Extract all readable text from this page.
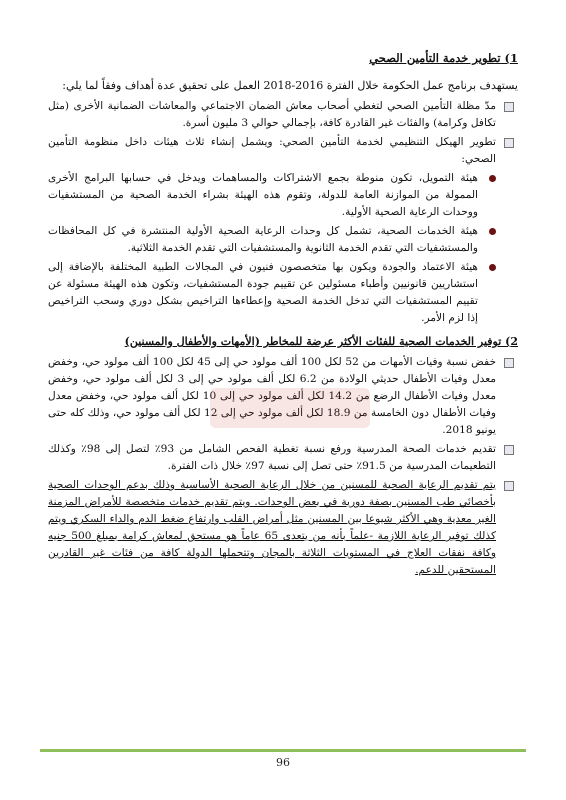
1) تطوير خدمة التأمين الصحي
يستهدف برنامج عمل الحكومة خلال الفترة 2016-2018 العمل على تحقيق عدة أهداف وفقاً لما يلي:
مدّ مظلة التأمين الصحي لتغطي أصحاب معاش الضمان الاجتماعي والمعاشات الضمانية الأخرى (مثل تكافل وكرامة) والفئات غير القادرة كافة، بإجمالي حوالي 3 مليون أسرة.
تطوير الهيكل التنظيمي لخدمة التأمين الصحي: ويشمل إنشاء ثلاث هيئات داخل منظومة التأمين الصحي:
هيئة التمويل، تكون منوطة بجمع الاشتراكات والمساهمات ويدخل في حسابها البرامج الأخرى الممولة من الموازنة العامة للدولة، وتقوم هذه الهيئة بشراء الخدمة الصحية من المستشفيات ووحدات الرعاية الصحية الأولية.
هيئة الخدمات الصحية، تشمل كل وحدات الرعاية الصحية الأولية المنتشرة في كل المحافظات والمستشفيات التي تقدم الخدمة الثانوية والمستشفيات التي تقدم الخدمة الثلاثية.
هيئة الاعتماد والجودة ويكون بها متخصصون فنيون في المجالات الطبية المختلفة بالإضافة إلى استشاريين قانونيين وأطباء مسئولين عن تقييم جودة المستشفيات، وتكون هذه الهيئة مسئولة عن تقييم المستشفيات التي تدخل الخدمة الصحية وإعطاءها التراخيص بشكل دوري وسحب التراخيص إذا لزم الأمر.
2) توفير الخدمات الصحية للفئات الأكثر عرضة للمخاطر (الأمهات والأطفال والمسنين)
خفض نسبة وفيات الأمهات من 52 لكل 100 ألف مولود حي إلى 45 لكل 100 ألف مولود حي، وخفض معدل وفيات الأطفال حديثي الولادة من 6.2 لكل ألف مولود حي إلى 3 لكل ألف مولود حي، وخفض معدل وفيات الأطفال الرضع من 14.2 لكل ألف مولود حي إلى 10 لكل ألف مولود حي، وخفض معدل وفيات الأطفال دون الخامسة من 18.9 لكل ألف مولود حي إلى 12 لكل ألف مولود حي، وذلك كله حتى يونيو 2018.
تقديم خدمات الصحة المدرسية ورفع نسبة تغطية الفحص الشامل من 93٪ لتصل إلى 98٪ وكذلك التطعيمات المدرسية من 91.5٪ حتى تصل إلى نسبة 97٪ خلال ذات الفترة.
يتم تقديم الرعاية الصحية للمسنين من خلال الرعاية الصحية الأساسية وذلك بدعم الوحدات الصحية بأخصائي طب المسنين بصفة دورية في بعض الوحدات. ويتم تقديم خدمات متخصصة للأمراض المزمنة الغير معدية وهي الأكثر شيوعا بين المسنين مثل أمراض القلب وارتفاع ضغط الدم والداء السكري ويتم كذلك توفير الرعاية اللازمة -علماً بأنه من يتعدى 65 عاماً هو مستحق لمعاش كرامة بمبلغ 500 جنيه وكافة نفقات العلاج في المستويات الثلاثة بالمجان وتتحملها الدولة كافة من فئات غير القادرين المستحقين للدعم.
96
